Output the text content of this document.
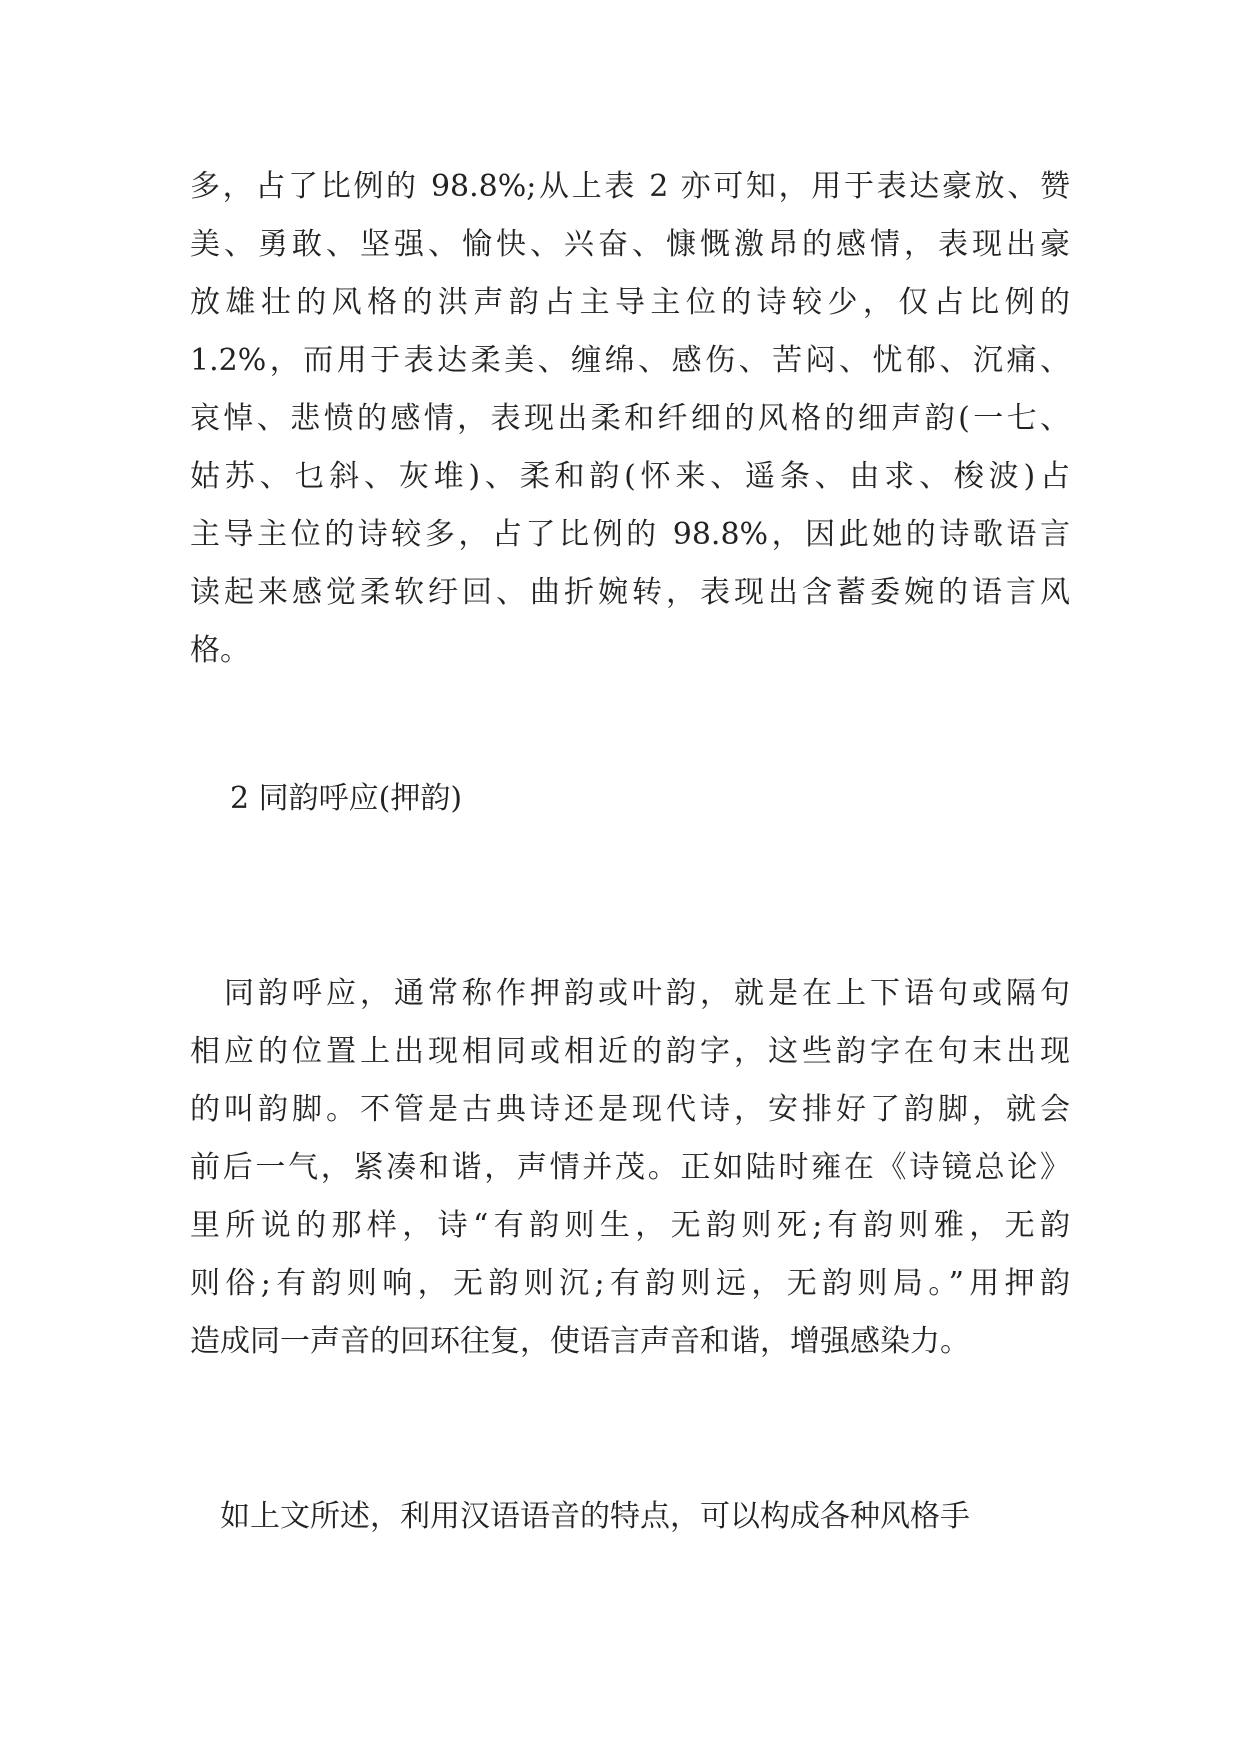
多，占了比例的 98.8%;从上表 2 亦可知，用于表达豪放、赞
美、勇敢、坚强、愉快、兴奋、慷慨激昂的感情，表现出豪
放雄壮的风格的洪声韵占主导主位的诗较少，仅占比例的
1.2%，而用于表达柔美、缠绵、感伤、苦闷、忧郁、沉痛、
哀悼、悲愤的感情，表现出柔和纤细的风格的细声韵(一七、
姑苏、乜斜、灰堆)、柔和韵(怀来、遥条、由求、梭波)占
主导主位的诗较多，占了比例的 98.8%，因此她的诗歌语言
读起来感觉柔软纡回、曲折婉转，表现出含蓄委婉的语言风
格。
2 同韵呼应(押韵)
　同韵呼应，通常称作押韵或叶韵，就是在上下语句或隔句
相应的位置上出现相同或相近的韵字，这些韵字在句末出现
的叫韵脚。不管是古典诗还是现代诗，安排好了韵脚，就会
前后一气，紧凑和谐，声情并茂。正如陆时雍在《诗镜总论》
里所说的那样，诗“有韵则生，无韵则死;有韵则雅，无韵
则俗;有韵则响，无韵则沉;有韵则远，无韵则局。”用押韵
造成同一声音的回环往复，使语言声音和谐，增强感染力。
　如上文所述，利用汉语语音的特点，可以构成各种风格手
